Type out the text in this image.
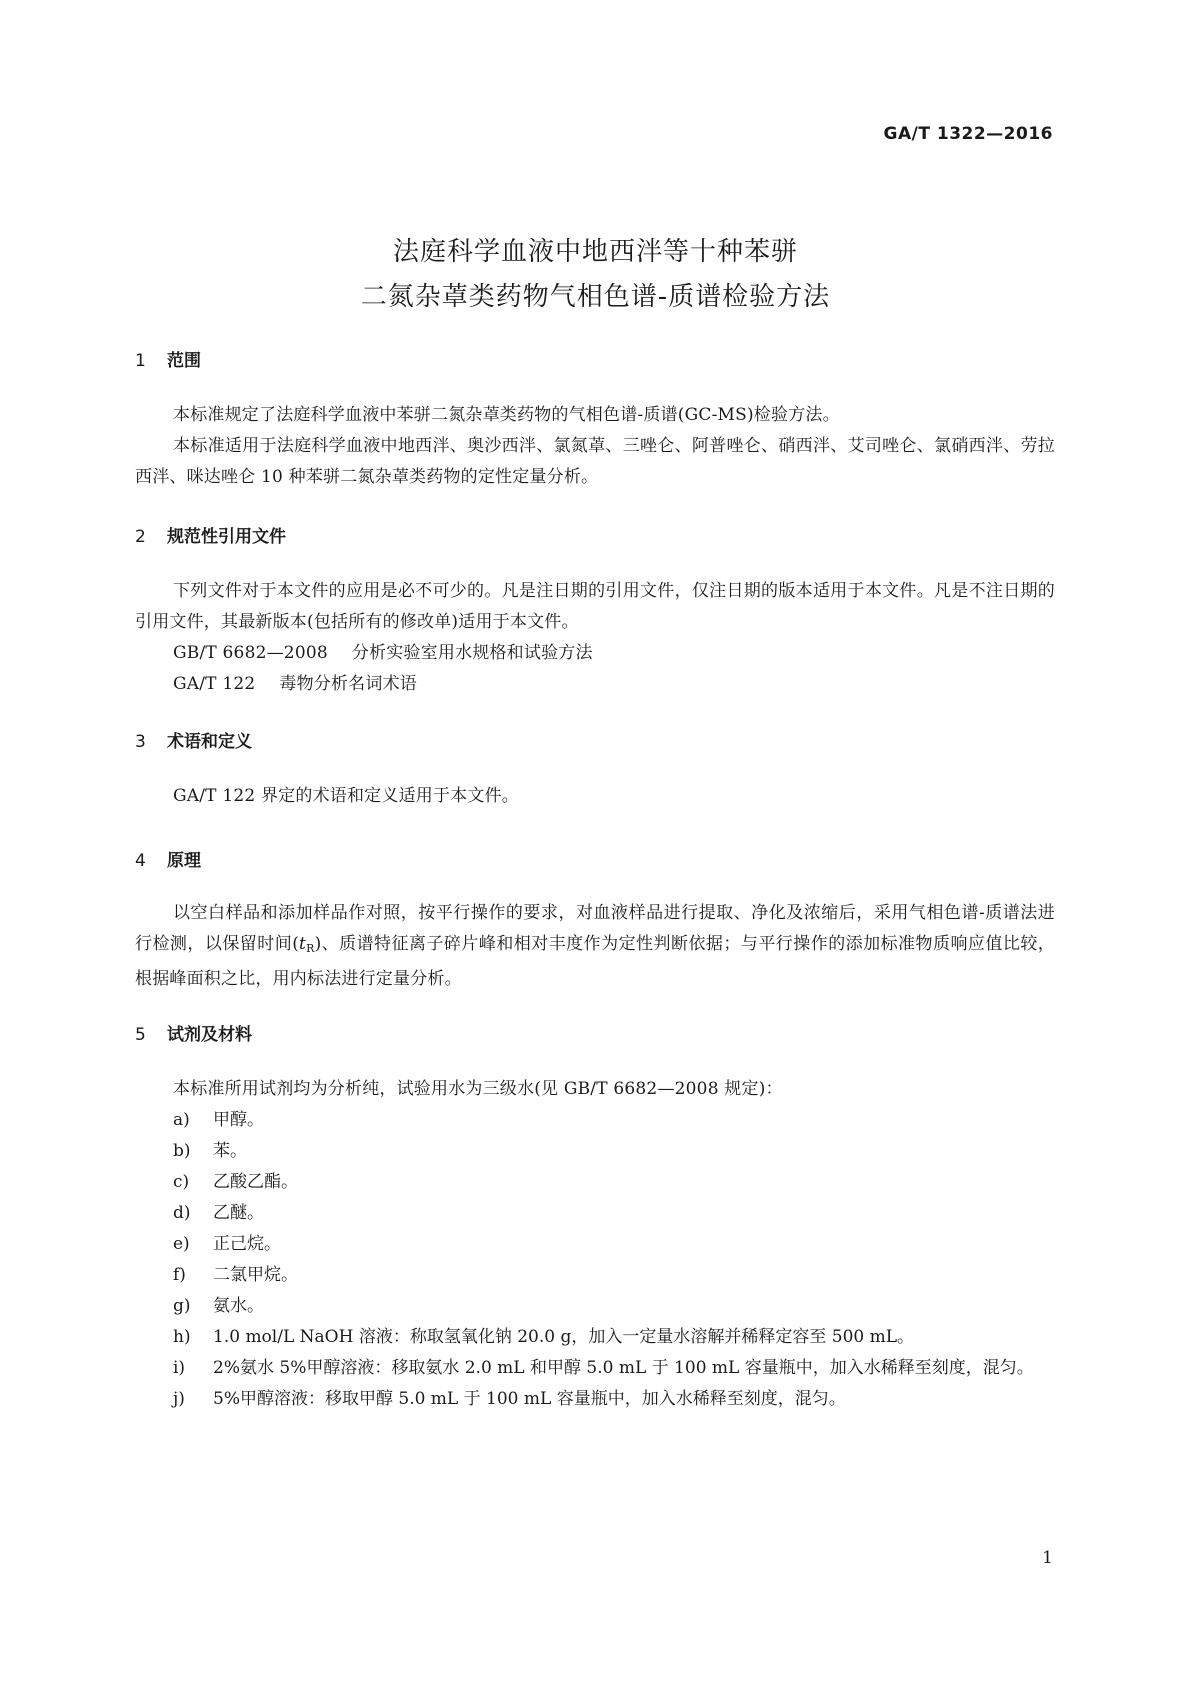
GA/T 1322—2016
法庭科学血液中地西泮等十种苯骈
二氮杂䓬类药物气相色谱-质谱检验方法
1 范围

本标准规定了法庭科学血液中苯骈二氮杂䓬类药物的气相色谱-质谱(GC-MS)检验方法。

本标准适用于法庭科学血液中地西泮、奥沙西泮、氯氮䓬、三唑仑、阿普唑仑、硝西泮、艾司唑仑、氯硝西泮、劳拉西泮、咪达唑仑 10 种苯骈二氮杂䓬类药物的定性定量分析。

2 规范性引用文件

下列文件对于本文件的应用是必不可少的。凡是注日期的引用文件，仅注日期的版本适用于本文件。凡是不注日期的引用文件，其最新版本(包括所有的修改单)适用于本文件。

GB/T 6682—2008 分析实验室用水规格和试验方法
GA/T 122 毒物分析名词术语
3 术语和定义

GA/T 122 界定的术语和定义适用于本文件。

4 原理

以空白样品和添加样品作对照，按平行操作的要求，对血液样品进行提取、净化及浓缩后，采用气相色谱-质谱法进行检测，以保留时间$(t_R)$、质谱特征离子碎片峰和相对丰度作为定性判断依据；与平行操作的添加标准物质响应值比较，根据峰面积之比，用内标法进行定量分析。

5 试剂及材料

本标准所用试剂均为分析纯，试验用水为三级水(见 GB/T 6682—2008 规定)：

a) 甲醇。
b) 苯。
c) 乙酸乙酯。
d) 乙醚。
e) 正己烷。
f) 二氯甲烷。
g) 氨水。
h) 1.0 mol/L NaOH 溶液：称取氢氧化钠 20.0 g，加入一定量水溶解并稀释定容至 500 mL。
i) 2%氨水 5%甲醇溶液：移取氨水 2.0 mL 和甲醇 5.0 mL 于 100 mL 容量瓶中，加入水稀释至刻度，混匀。
j) 5%甲醇溶液：移取甲醇 5.0 mL 于 100 mL 容量瓶中，加入水稀释至刻度，混匀。
1
